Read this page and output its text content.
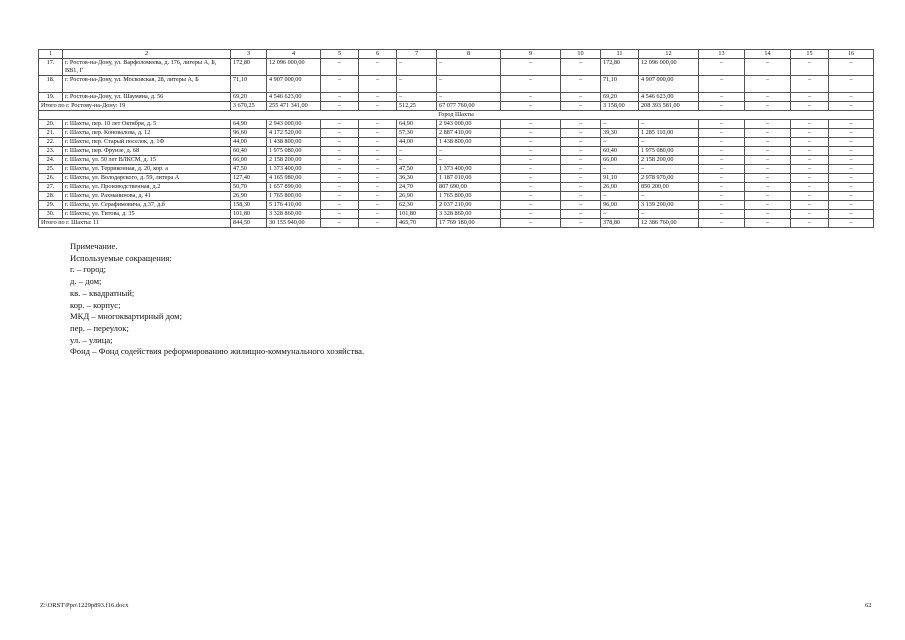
1	2	3	4	5	6	7	8	9	10	11	12	13	14	15	16
17.	г. Ростов-на-Дону, ул. Варфоломеева, д. 176, литеры А, Б, ВВ1, Г	172,80	12 096 000,00	–	–	–	–	–	–	172,80	12 096 000,00	–	–	–	–
18.	г. Ростов-на-Дону, ул. Московская, 28, литеры А, Б	71,10	4 907 000,00	–	–	–	–	–	–	71,10	4 907 000,00	–	–	–	–
19.	г. Ростов-на-Дону, ул. Шаумяна, д. 56	69,20	4 546 623,00	–	–	–	–	–	–	69,20	4 546 623,00	–	–	–	–
Итого по г. Ростову-на-Дону: 19		3 670,25	255 471 341,00	–	–	512,25	67 077 760,00	–	–	3 158,00	208 393 581,00	–	–	–	–
Город Шахты															
20.	г. Шахты, пер. 10 лет Октября, д. 5	64,90	2 943 000,00	–	–	64,90	2 943 000,00	–	–	–	–	–	–	–	–
21.	г. Шахты, пер. Коновалова, д. 12	96,60	4 172 520,00	–	–	57,30	2 887 410,00	–	–	39,30	1 285 110,00	–	–	–	–
22.	г. Шахты, пер. Старый поселок, д. 1Ф	44,00	1 438 800,00	–	–	44,00	1 438 800,00	–	–	–	–	–	–	–	–
23.	г. Шахты, пер. Фрунзе, д. 68	60,40	1 975 080,00	–	–	–	–	–	–	60,40	1 975 080,00	–	–	–	–
24.	г. Шахты, ул. 50 лет ВЛКСМ, д. 15	66,00	2 158 200,00	–	–	–	–	–	–	66,00	2 158 200,00	–	–	–	–
25.	г. Шахты, ул. Терриконная, д. 20, кор. а	47,50	1 373 400,00	–	–	47,50	1 373 400,00	–	–	–	–	–	–	–	–
26.	г. Шахты, ул. Володарского, д. 59, литера А	127,40	4 165 980,00	–	–	36,30	1 187 010,00	–	–	91,10	2 978 970,00	–	–	–	–
27.	г. Шахты, ул. Производственная, д.2	50,70	1 657 890,00	–	–	24,70	807 690,00	–	–	26,00	850 200,00	–	–	–	–
28.	г. Шахты, ул. Рахманинова, д. 41	26,90	1 765 800,00	–	–	26,90	1 765 800,00	–	–	–	–	–	–	–	–
29.	г. Шахты, ул. Серафимовича, д.37, д.б	158,30	5 176 410,00	–	–	62,30	2 037 210,00	–	–	96,00	3 139 200,00	–	–	–	–
30.	г. Шахты, ул. Титова, д. 35	101,80	3 328 860,00	–	–	101,80	3 328 860,00	–	–	–	–	–	–	–	–
Итого по г. Шахты: 11		844,50	30 155 940,00	–	–	465,70	17 769 180,00	–	–	378,80	12 386 760,00	–	–	–	–
Примечание.
Используемые сокращения:
г. – город;
д. – дом;
кв. – квадратный;
кор. – корпус;
МКД – многоквартирный дом;
пер. – переулок;
ул. – улица;
Фонд – Фонд содействия реформированию жилищно-коммунального хозяйства.
Z:\ORST\Ppo\1229p893.f16.docx	62
